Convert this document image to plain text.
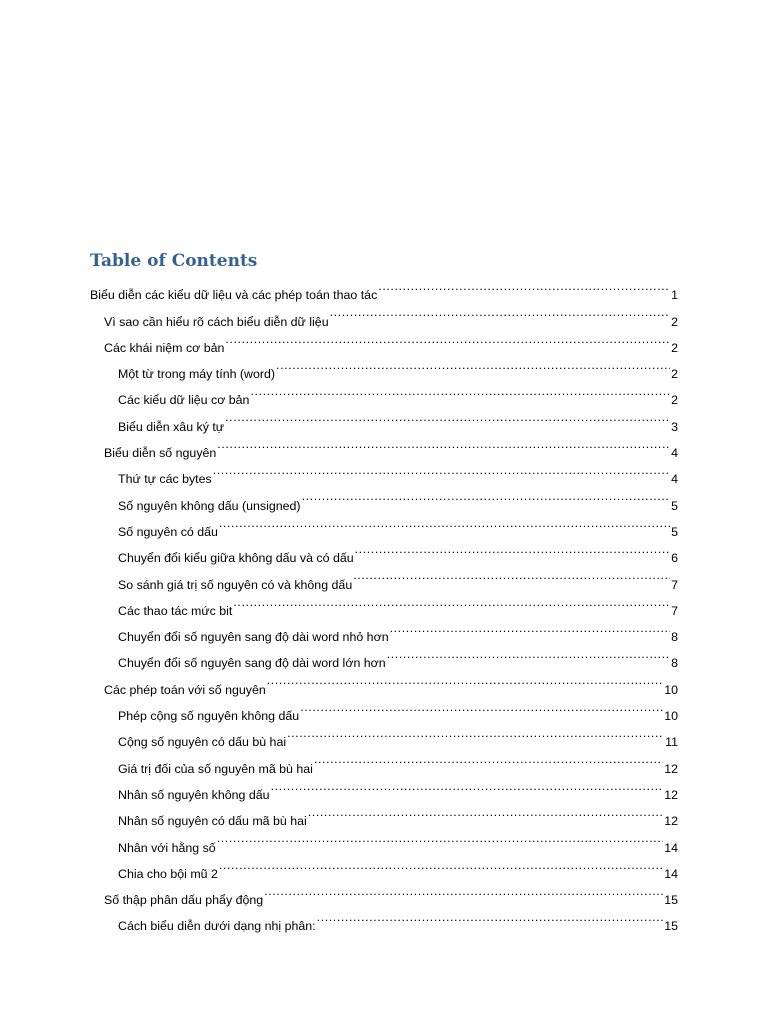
Table of Contents
Biểu diễn các kiểu dữ liệu và các phép toán thao tác .....	1
Vì sao cần hiểu rõ cách biểu diễn dữ liệu .....	2
Các khái niệm cơ bản .....	2
Một từ trong máy tính (word) .....	2
Các kiểu dữ liệu cơ bản .....	2
Biểu diễn xâu ký tự .....	3
Biểu diễn số nguyên .....	4
Thứ tự các bytes .....	4
Số nguyên không dấu (unsigned) .....	5
Số nguyên có dấu .....	5
Chuyển đổi kiểu giữa không dấu và có dấu .....	6
So sánh giá trị số nguyên có và không dấu .....	7
Các thao tác mức bit .....	7
Chuyển đổi số nguyên sang độ dài word nhỏ hơn .....	8
Chuyển đổi số nguyên sang độ dài word lớn hơn .....	8
Các phép toán với số nguyên .....	10
Phép cộng số nguyên không dấu .....	10
Cộng số nguyên có dấu bù hai .....	11
Giá trị đối của số nguyên mã bù hai .....	12
Nhân số nguyên không dấu .....	12
Nhân số nguyên có dấu mã bù hai .....	12
Nhân với hằng số .....	14
Chia cho bội mũ 2 .....	14
Số thập phân dấu phẩy động .....	15
Cách biểu diễn dưới dạng nhị phân: .....	15
